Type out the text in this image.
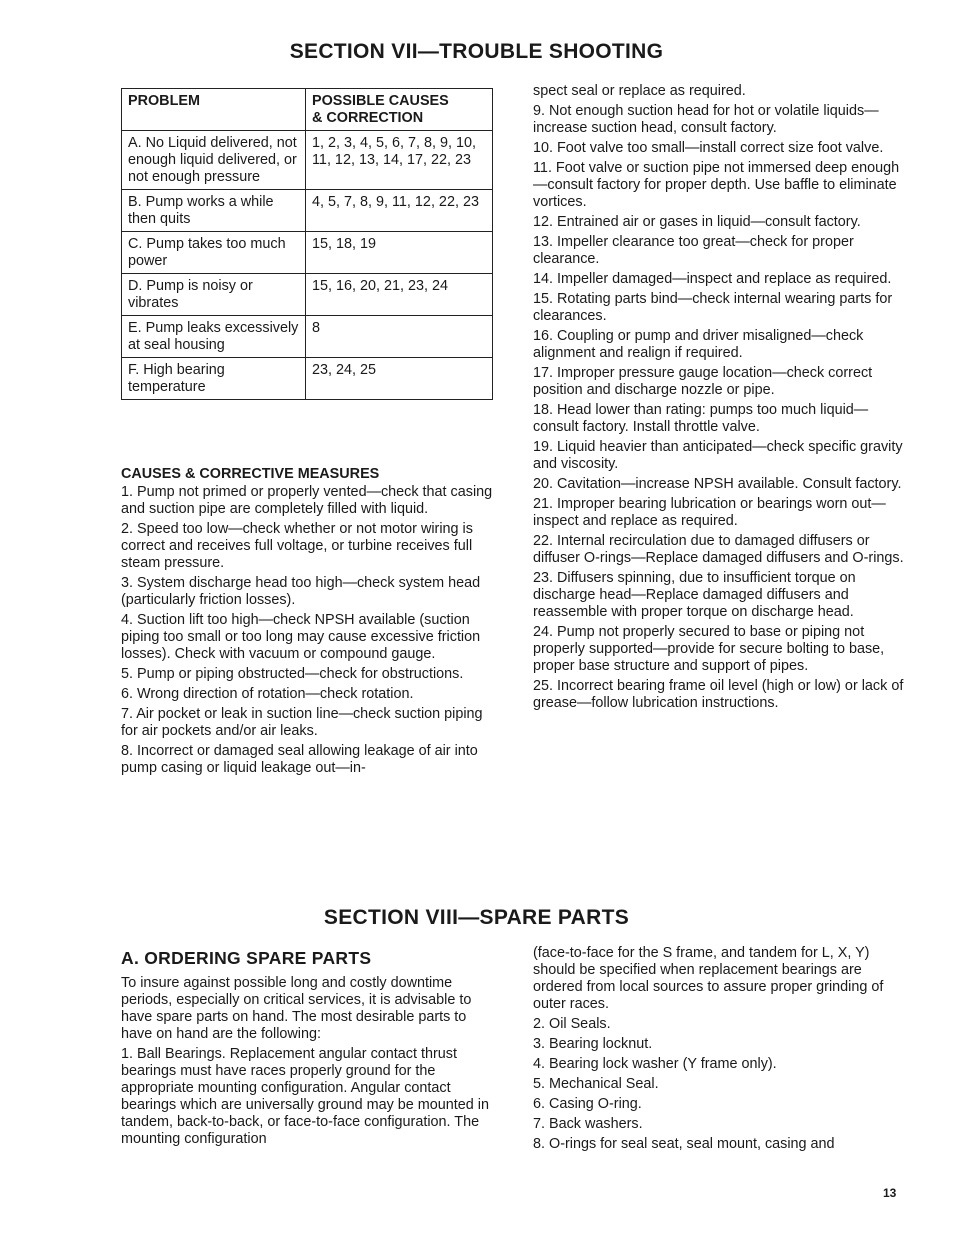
SECTION VII—TROUBLE SHOOTING
PROBLEM	POSSIBLE CAUSES
& CORRECTION
A. No Liquid delivered, not enough liquid delivered, or not enough pressure	1, 2, 3, 4, 5, 6, 7, 8, 9, 10, 11, 12, 13, 14, 17, 22, 23
B. Pump works a while then quits	4, 5, 7, 8, 9, 11, 12, 22, 23
C. Pump takes too much power	15, 18, 19
D. Pump is noisy or vibrates	15, 16, 20, 21, 23, 24
E. Pump leaks excessively at seal housing	8
F. High bearing temperature	23, 24, 25
CAUSES & CORRECTIVE MEASURES

1. Pump not primed or properly vented—check that casing and suction pipe are completely filled with liquid.

2. Speed too low—check whether or not motor wiring is correct and receives full voltage, or turbine receives full steam pressure.

3. System discharge head too high—check system head (particularly friction losses).

4. Suction lift too high—check NPSH available (suction piping too small or too long may cause excessive friction losses). Check with vacuum or compound gauge.

5. Pump or piping obstructed—check for obstructions.

6. Wrong direction of rotation—check rotation.

7. Air pocket or leak in suction line—check suction piping for air pockets and/or air leaks.

8. Incorrect or damaged seal allowing leakage of air into pump casing or liquid leakage out—in-

spect seal or replace as required.

9. Not enough suction head for hot or volatile liquids—increase suction head, consult factory.

10. Foot valve too small—install correct size foot valve.

11. Foot valve or suction pipe not immersed deep enough—consult factory for proper depth. Use baffle to eliminate vortices.

12. Entrained air or gases in liquid—consult factory.

13. Impeller clearance too great—check for proper clearance.

14. Impeller damaged—inspect and replace as required.

15. Rotating parts bind—check internal wearing parts for clearances.

16. Coupling or pump and driver misaligned—check alignment and realign if required.

17. Improper pressure gauge location—check correct position and discharge nozzle or pipe.

18. Head lower than rating: pumps too much liquid—consult factory. Install throttle valve.

19. Liquid heavier than anticipated—check specific gravity and viscosity.

20. Cavitation—increase NPSH available. Consult factory.

21. Improper bearing lubrication or bearings worn out—inspect and replace as required.

22. Internal recirculation due to damaged diffusers or diffuser O-rings—Replace damaged diffusers and O-rings.

23. Diffusers spinning, due to insufficient torque on discharge head—Replace damaged diffusers and reassemble with proper torque on discharge head.

24. Pump not properly secured to base or piping not properly supported—provide for secure bolting to base, proper base structure and support of pipes.

25. Incorrect bearing frame oil level (high or low) or lack of grease—follow lubrication instructions.

SECTION VIII—SPARE PARTS
A. ORDERING SPARE PARTS

To insure against possible long and costly downtime periods, especially on critical services, it is advisable to have spare parts on hand. The most desirable parts to have on hand are the following:

1. Ball Bearings. Replacement angular contact thrust bearings must have races properly ground for the appropriate mounting configuration. Angular contact bearings which are universally ground may be mounted in tandem, back-to-back, or face-to-face configuration. The mounting configuration

(face-to-face for the S frame, and tandem for L, X, Y) should be specified when replacement bearings are ordered from local sources to assure proper grinding of outer races.

2. Oil Seals.

3. Bearing locknut.

4. Bearing lock washer (Y frame only).

5. Mechanical Seal.

6. Casing O-ring.

7. Back washers.

8. O-rings for seal seat, seal mount, casing and

13
